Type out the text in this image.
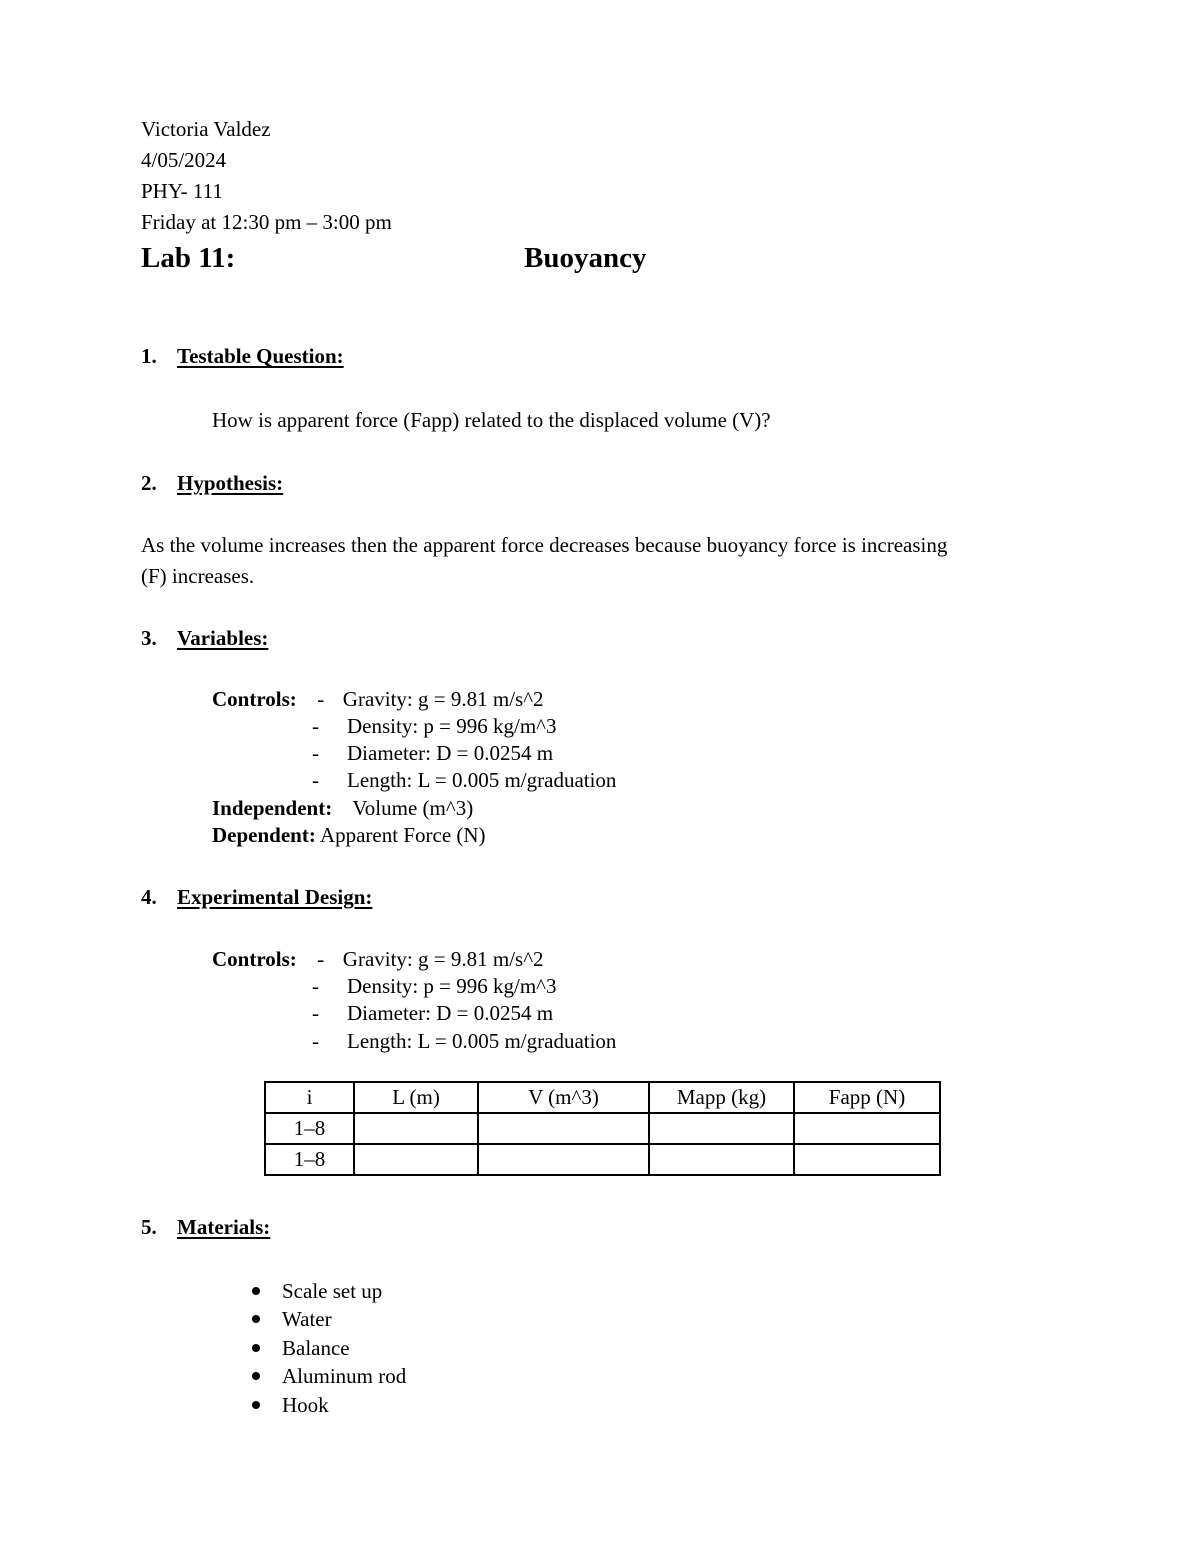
Victoria Valdez
4/05/2024
PHY- 111
Friday at 12:30 pm – 3:00 pm
Lab 11:	Buoyancy
1. Testable Question:
How is apparent force (Fapp) related to the displaced volume (V)?
2. Hypothesis:
As the volume increases then the apparent force decreases because buoyancy force is increasing
(F) increases.
3. Variables:
Controls: - Gravity: g = 9.81 m/s^2
- Density: p = 996 kg/m^3
- Diameter: D = 0.0254 m
- Length: L = 0.005 m/graduation
Independent: Volume (m^3)
Dependent: Apparent Force (N)
4. Experimental Design:
Controls: - Gravity: g = 9.81 m/s^2
- Density: p = 996 kg/m^3
- Diameter: D = 0.0254 m
- Length: L = 0.005 m/graduation
i	L (m)	V (m^3)	Mapp (kg)	Fapp (N)
1–8				
1–8				
5. Materials:
Scale set up
Water
Balance
Aluminum rod
Hook
